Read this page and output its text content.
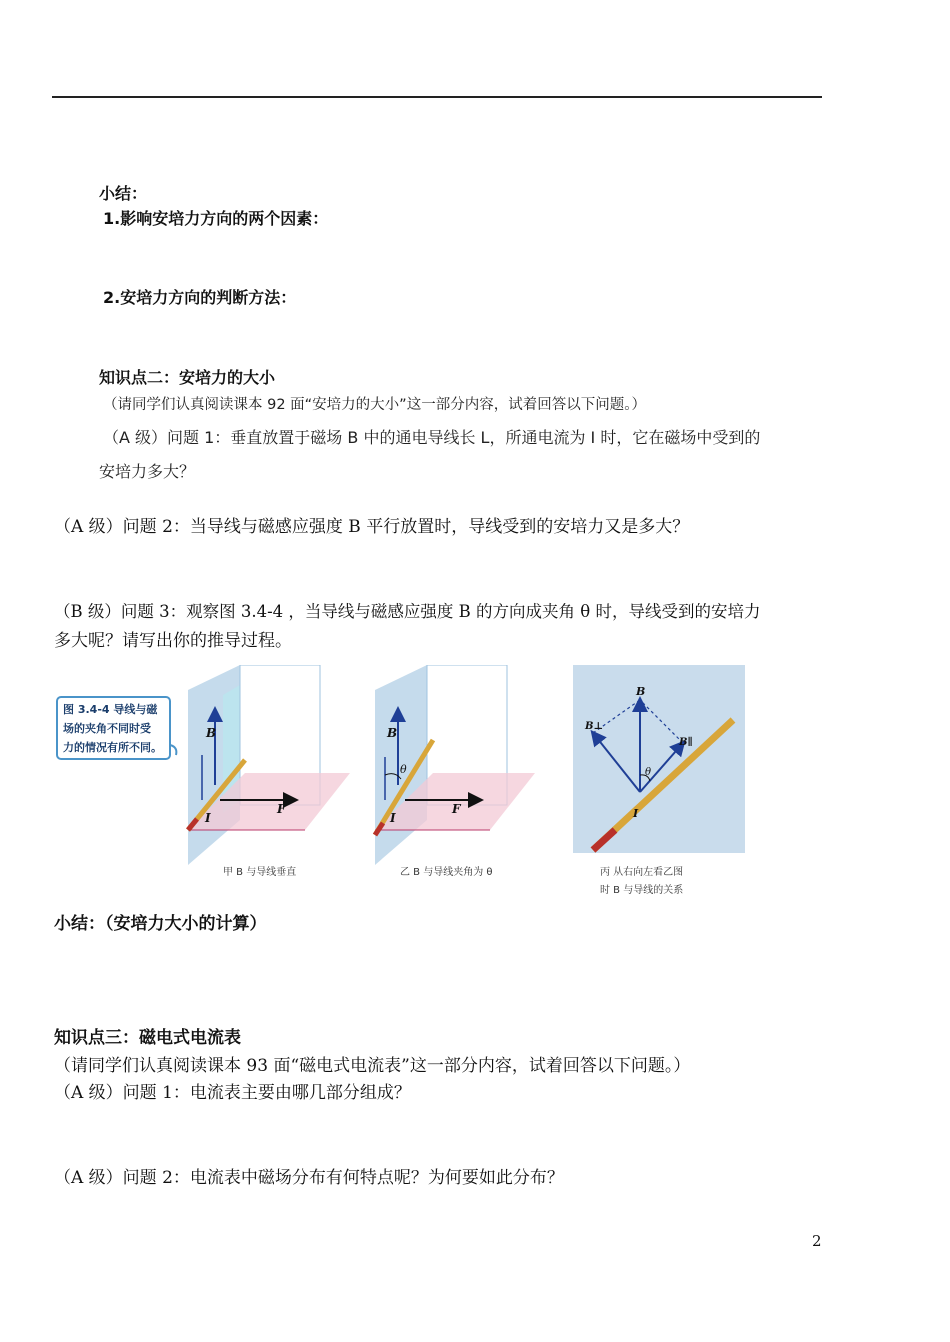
小结：
1.影响安培力方向的两个因素：
2.安培力方向的判断方法：
知识点二：安培力的大小
（请同学们认真阅读课本 92 面“安培力的大小”这一部分内容，试着回答以下问题。）
（A 级）问题 1：垂直放置于磁场 B 中的通电导线长 L，所通电流为 I 时，它在磁场中受到的
安培力多大？
（A 级）问题 2：当导线与磁感应强度 B 平行放置时，导线受到的安培力又是多大？
（B 级）问题 3：观察图 3.4-4 ，当导线与磁感应强度 B 的方向成夹角 θ 时，导线受到的安培力
多大呢？请写出你的推导过程。
图 3.4-4 导线与磁
场的夹角不同时受
力的情况有所不同。
B
I
F
甲 B 与导线垂直
B
θ
I
F
乙 B 与导线夹角为 θ
B
B⊥
B∥
θ
I
丙 从右向左看乙图
时 B 与导线的关系
小结：（安培力大小的计算）
知识点三：磁电式电流表
（请同学们认真阅读课本 93 面“磁电式电流表”这一部分内容，试着回答以下问题。）
（A 级）问题 1：电流表主要由哪几部分组成？
（A 级）问题 2：电流表中磁场分布有何特点呢？为何要如此分布？
2
